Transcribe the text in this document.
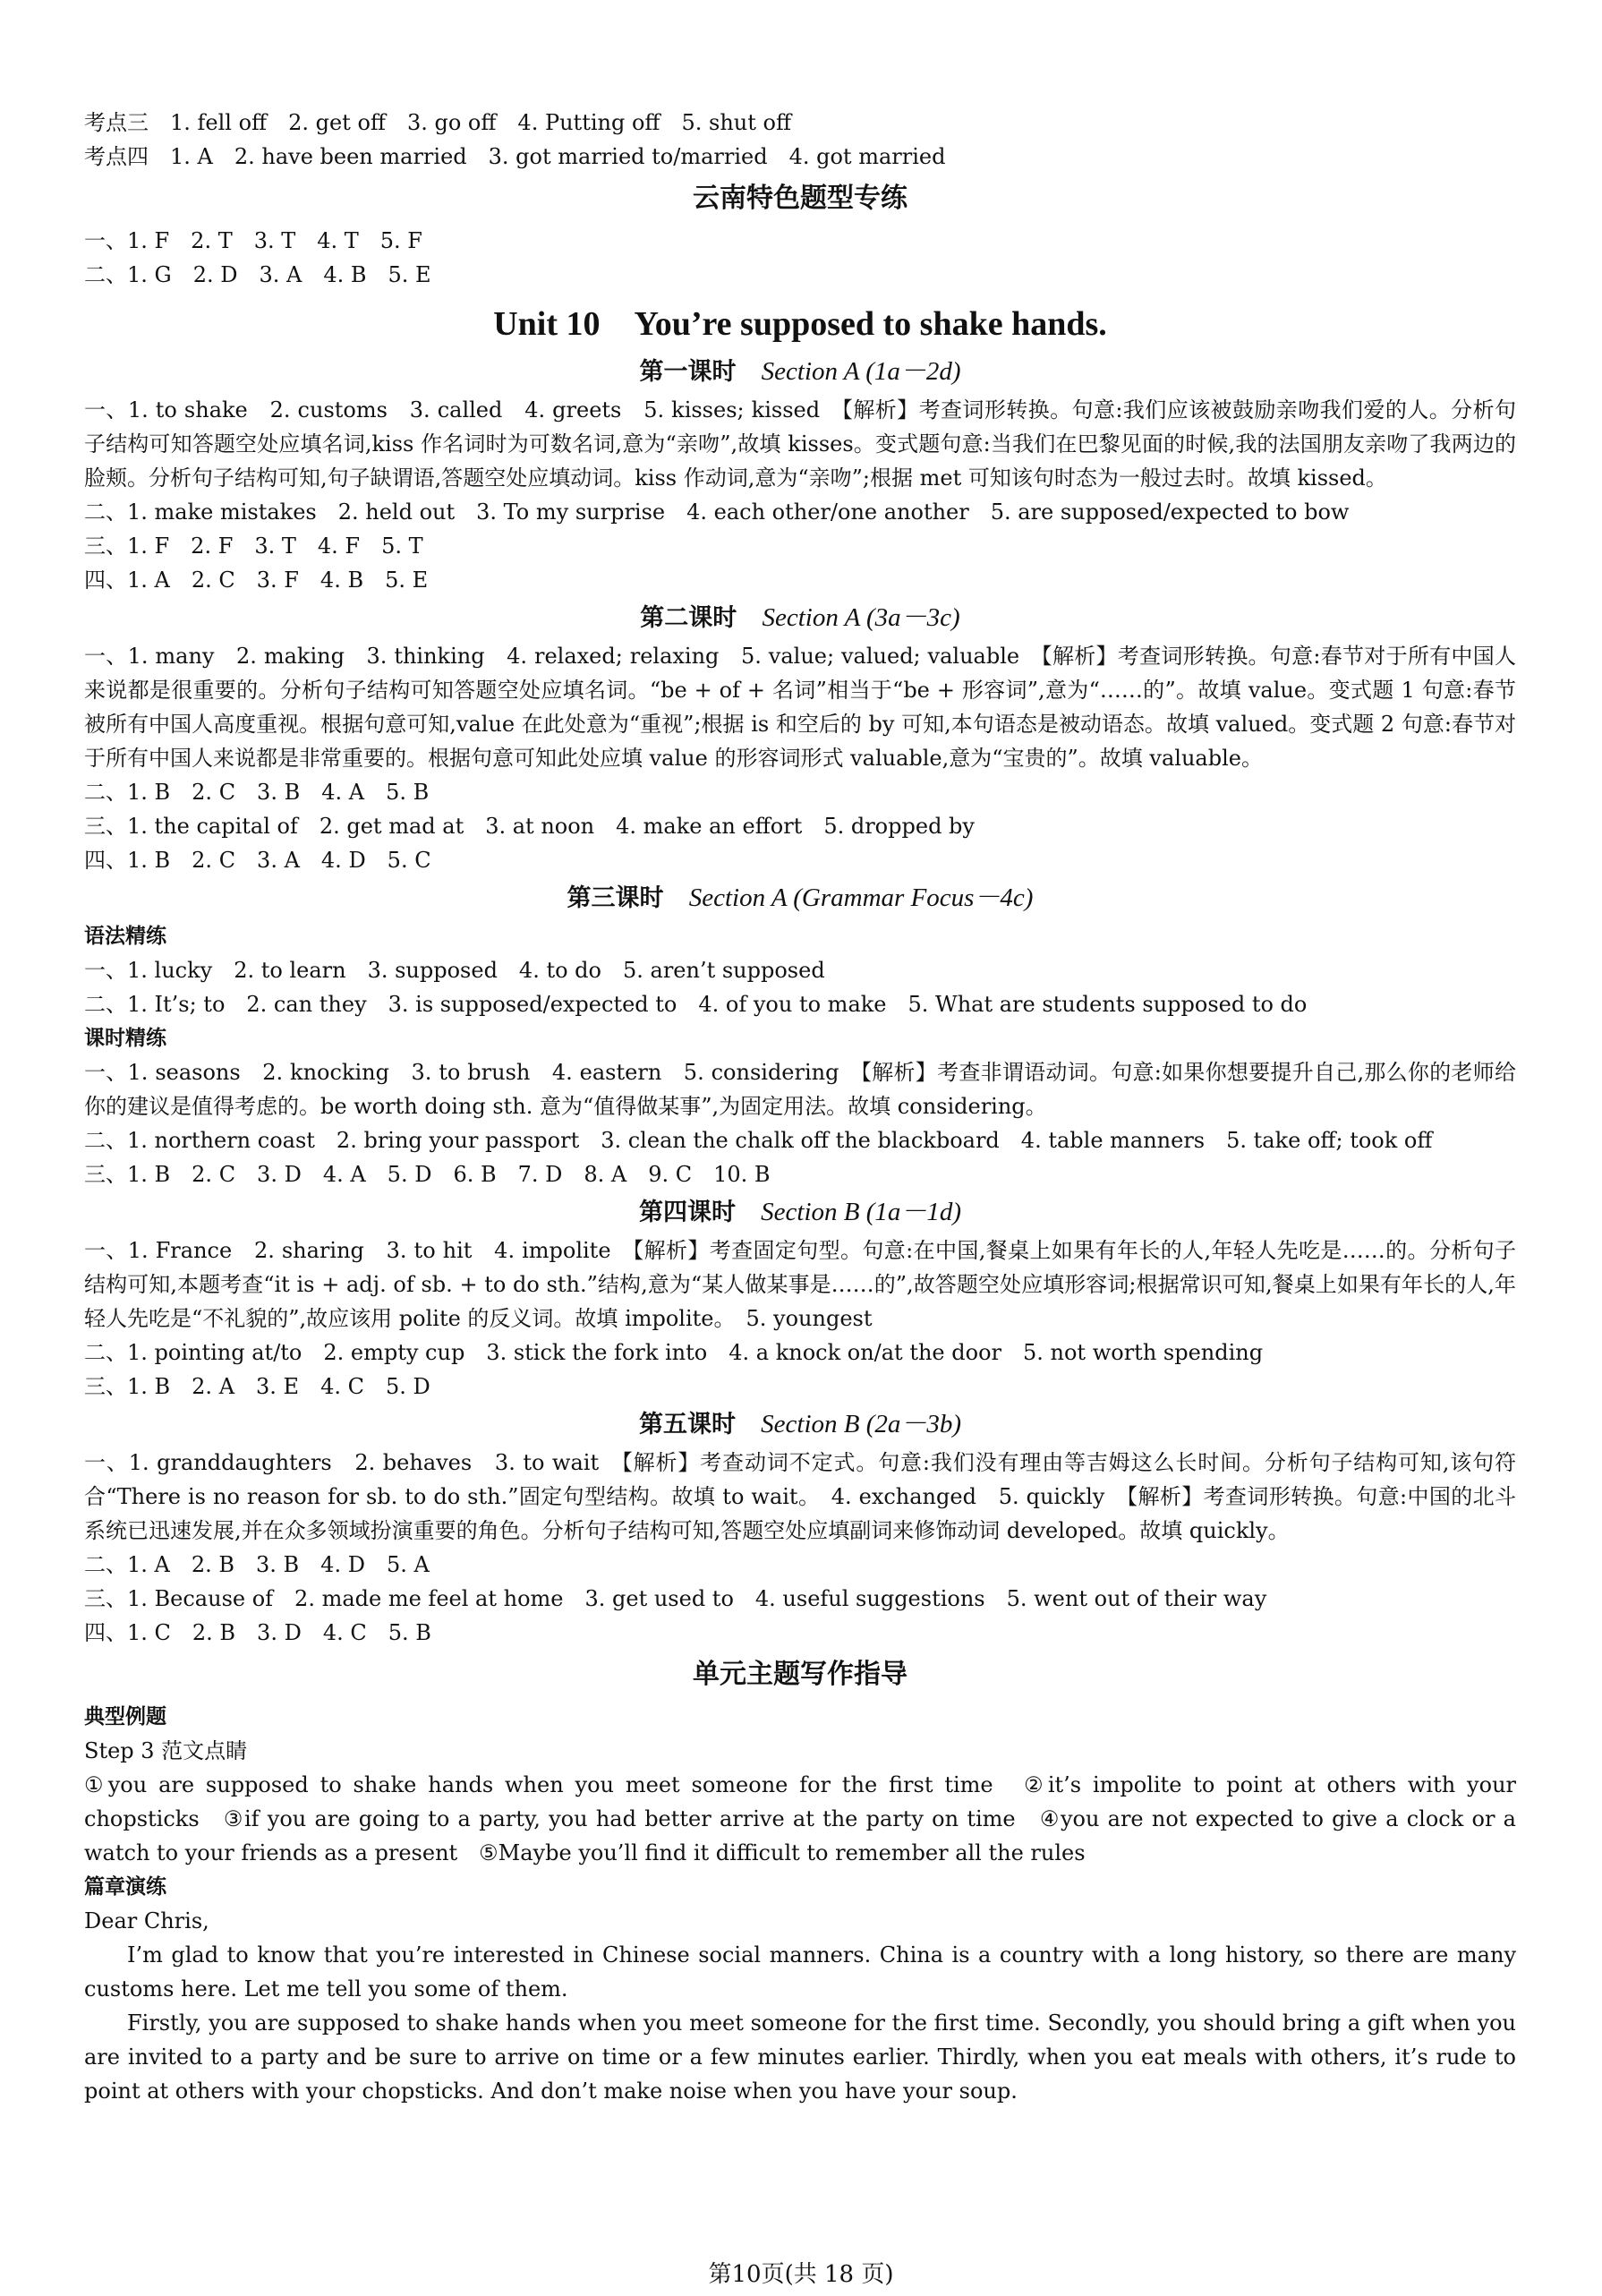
考点三　1. fell off　2. get off　3. go off　4. Putting off　5. shut off
考点四　1. A　2. have been married　3. got married to/married　4. got married
云南特色题型专练
一、1. F　2. T　3. T　4. T　5. F
二、1. G　2. D　3. A　4. B　5. E
Unit 10　You’re supposed to shake hands.
第一课时 Section A (1a－2d)
一、1. to shake　2. customs　3. called　4. greets　5. kisses; kissed　【解析】考查词形转换。句意:我们应该被鼓励亲吻我们爱的人。分析句子结构可知答题空处应填名词,kiss 作名词时为可数名词,意为“亲吻”,故填 kisses。变式题句意:当我们在巴黎见面的时候,我的法国朋友亲吻了我两边的脸颊。分析句子结构可知,句子缺谓语,答题空处应填动词。kiss 作动词,意为“亲吻”;根据 met 可知该句时态为一般过去时。故填 kissed。
二、1. make mistakes　2. held out　3. To my surprise　4. each other/one another　5. are supposed/expected to bow
三、1. F　2. F　3. T　4. F　5. T
四、1. A　2. C　3. F　4. B　5. E
第二课时 Section A (3a－3c)
一、1. many　2. making　3. thinking　4. relaxed; relaxing　5. value; valued; valuable　【解析】考查词形转换。句意:春节对于所有中国人来说都是很重要的。分析句子结构可知答题空处应填名词。“be + of + 名词”相当于“be + 形容词”,意为“……的”。故填 value。变式题 1 句意:春节被所有中国人高度重视。根据句意可知,value 在此处意为“重视”;根据 is 和空后的 by 可知,本句语态是被动语态。故填 valued。变式题 2 句意:春节对于所有中国人来说都是非常重要的。根据句意可知此处应填 value 的形容词形式 valuable,意为“宝贵的”。故填 valuable。
二、1. B　2. C　3. B　4. A　5. B
三、1. the capital of　2. get mad at　3. at noon　4. make an effort　5. dropped by
四、1. B　2. C　3. A　4. D　5. C
第三课时 Section A (Grammar Focus－4c)
语法精练
一、1. lucky　2. to learn　3. supposed　4. to do　5. aren’t supposed
二、1. It’s; to　2. can they　3. is supposed/expected to　4. of you to make　5. What are students supposed to do
课时精练
一、1. seasons　2. knocking　3. to brush　4. eastern　5. considering　【解析】考查非谓语动词。句意:如果你想要提升自己,那么你的老师给你的建议是值得考虑的。be worth doing sth. 意为“值得做某事”,为固定用法。故填 considering。
二、1. northern coast　2. bring your passport　3. clean the chalk off the blackboard　4. table manners　5. take off; took off
三、1. B　2. C　3. D　4. A　5. D　6. B　7. D　8. A　9. C　10. B
第四课时 Section B (1a－1d)
一、1. France　2. sharing　3. to hit　4. impolite　【解析】考查固定句型。句意:在中国,餐桌上如果有年长的人,年轻人先吃是……的。分析句子结构可知,本题考查“it is + adj. of sb. + to do sth.”结构,意为“某人做某事是……的”,故答题空处应填形容词;根据常识可知,餐桌上如果有年长的人,年轻人先吃是“不礼貌的”,故应该用 polite 的反义词。故填 impolite。　5. youngest
二、1. pointing at/to　2. empty cup　3. stick the fork into　4. a knock on/at the door　5. not worth spending
三、1. B　2. A　3. E　4. C　5. D
第五课时 Section B (2a－3b)
一、1. granddaughters　2. behaves　3. to wait　【解析】考查动词不定式。句意:我们没有理由等吉姆这么长时间。分析句子结构可知,该句符合“There is no reason for sb. to do sth.”固定句型结构。故填 to wait。　4. exchanged　5. quickly　【解析】考查词形转换。句意:中国的北斗系统已迅速发展,并在众多领域扮演重要的角色。分析句子结构可知,答题空处应填副词来修饰动词 developed。故填 quickly。
二、1. A　2. B　3. B　4. D　5. A
三、1. Because of　2. made me feel at home　3. get used to　4. useful suggestions　5. went out of their way
四、1. C　2. B　3. D　4. C　5. B
单元主题写作指导
典型例题
Step 3 范文点睛
①you are supposed to shake hands when you meet someone for the first time　②it’s impolite to point at others with your chopsticks　③if you are going to a party, you had better arrive at the party on time　④you are not expected to give a clock or a watch to your friends as a present　⑤Maybe you’ll find it difficult to remember all the rules
篇章演练
Dear Chris,
I’m glad to know that you’re interested in Chinese social manners. China is a country with a long history, so there are many customs here. Let me tell you some of them.
Firstly, you are supposed to shake hands when you meet someone for the first time. Secondly, you should bring a gift when you are invited to a party and be sure to arrive on time or a few minutes earlier. Thirdly, when you eat meals with others, it’s rude to point at others with your chopsticks. And don’t make noise when you have your soup.
第10页(共 18 页)
